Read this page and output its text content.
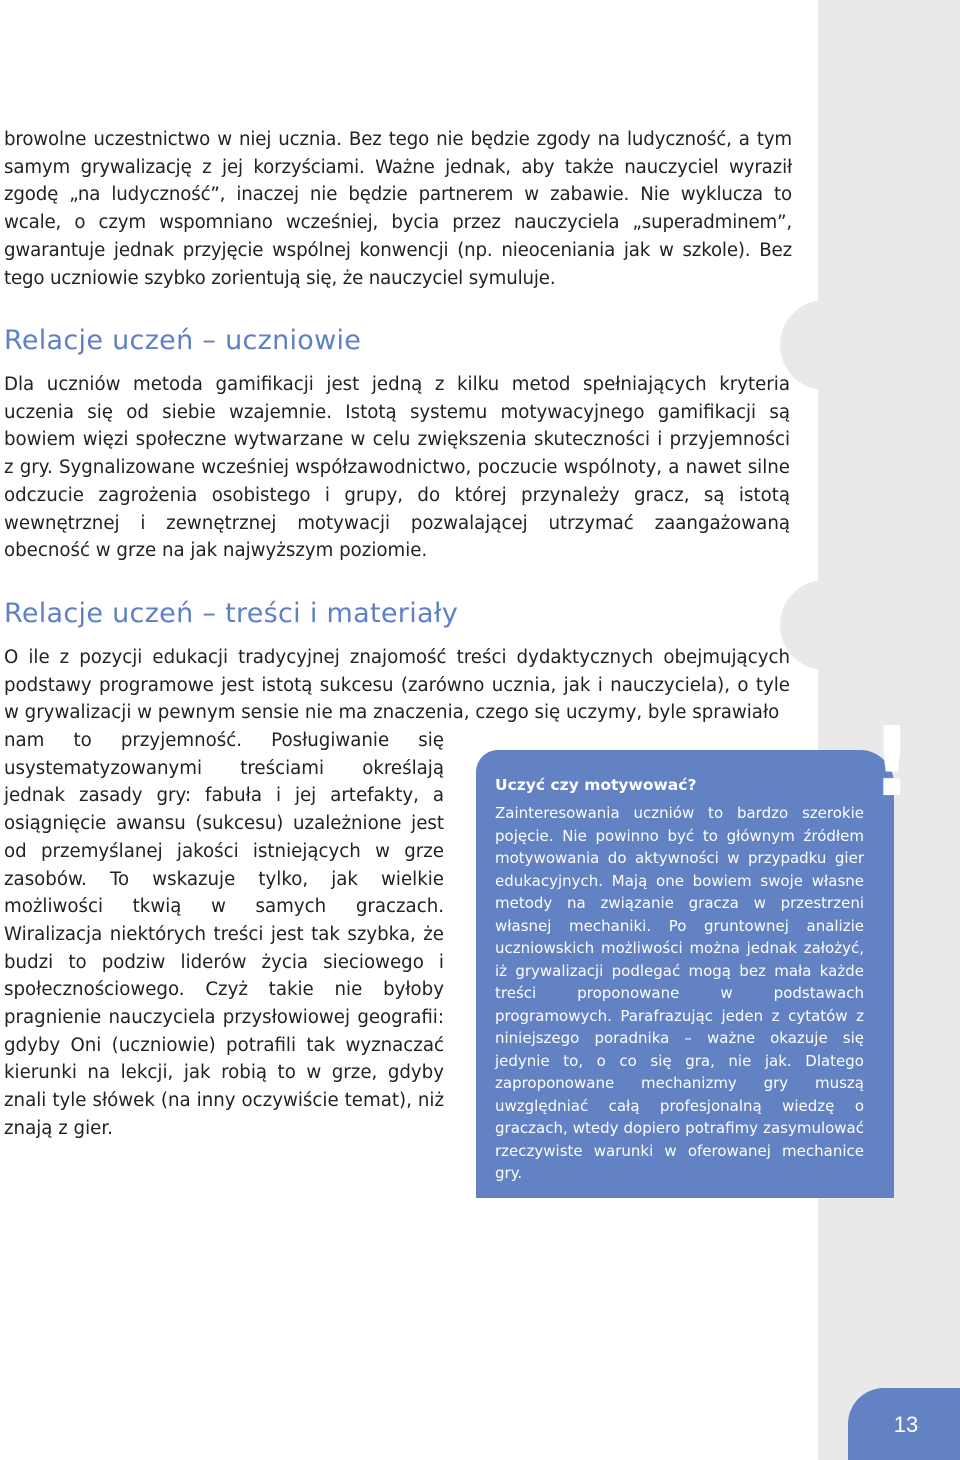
browolne uczestnictwo w niej ucznia. Bez tego nie będzie zgody na ludyczność, a tym samym grywalizację z jej korzyściami. Ważne jednak, aby także nauczyciel wyraził zgodę „na ludyczność”, inaczej nie będzie partnerem w zabawie. Nie wyklucza to wcale, o czym wspomniano wcześniej, bycia przez nauczyciela „superadminem”, gwarantuje jednak przyjęcie wspólnej konwencji (np. nieoceniania jak w szkole). Bez tego uczniowie szybko zorientują się, że nauczyciel symuluje.

Relacje uczeń – uczniowie

Dla uczniów metoda gamifikacji jest jedną z kilku metod spełniających kryteria uczenia się od siebie wzajemnie. Istotą systemu motywacyjnego gamifikacji są bowiem więzi społeczne wytwarzane w celu zwiększenia skuteczności i przyjemności z gry. Sygnalizowane wcześniej współzawodnictwo, poczucie wspólnoty, a nawet silne odczucie zagrożenia osobistego i grupy, do której przynależy gracz, są istotą wewnętrznej i zewnętrznej motywacji pozwalającej utrzymać zaangażowaną obecność w grze na jak najwyższym poziomie.

Relacje uczeń – treści i materiały

O ile z pozycji edukacji tradycyjnej znajomość treści dydaktycznych obejmujących podstawy programowe jest istotą sukcesu (zarówno ucznia, jak i nauczyciela), o tyle w grywalizacji w pewnym sensie nie ma znaczenia, czego się uczymy, byle sprawiało

nam to przyjemność. Posługiwanie się usystematyzowanymi treściami określają jednak zasady gry: fabuła i jej artefakty, a osiągnięcie awansu (sukcesu) uzależnione jest od przemyślanej jakości istniejących w grze zasobów. To wskazuje tylko, jak wielkie możliwości tkwią w samych graczach. Wiralizacja niektórych treści jest tak szybka, że budzi to podziw liderów życia sieciowego i społecznościowego. Czyż takie nie byłoby pragnienie nauczyciela przysłowiowej geografii: gdyby Oni (uczniowie) potrafili tak wyznaczać kierunki na lekcji, jak robią to w grze, gdyby znali tyle słówek (na inny oczywiście temat), niż znają z gier.

Uczyć czy motywować?

Zainteresowania uczniów to bardzo szerokie pojęcie. Nie powinno być to głównym źródłem motywowania do aktywności w przypadku gier edukacyjnych. Mają one bowiem swoje własne metody na związanie gracza w przestrzeni własnej mechaniki. Po gruntownej analizie uczniowskich możliwości można jednak założyć, iż grywalizacji podlegać mogą bez mała każde treści proponowane w podstawach programowych. Parafrazując jeden z cytatów z niniejszego poradnika – ważne okazuje się jedynie to, o co się gra, nie jak. Dlatego zaproponowane mechanizmy gry muszą uwzględniać całą profesjonalną wiedzę o graczach, wtedy dopiero potrafimy zasymulować rzeczywiste warunki w oferowanej mechanice gry.

!
13
